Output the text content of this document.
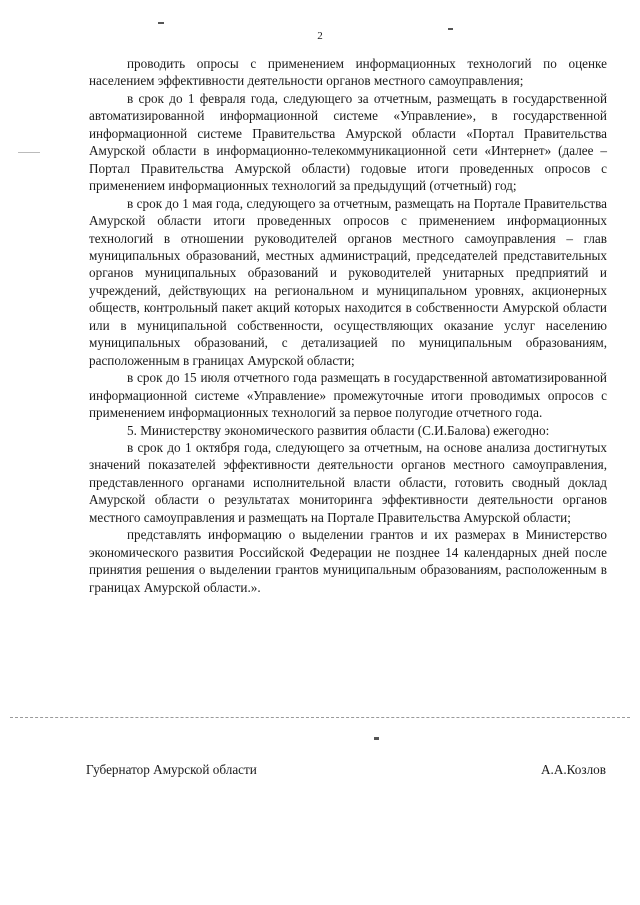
2

проводить опросы с применением информационных технологий по оценке населением эффективности деятельности органов местного самоуправления;

в срок до 1 февраля года, следующего за отчетным, размещать в государственной автоматизированной информационной системе «Управление», в государственной информационной системе Правительства Амурской области «Портал Правительства Амурской области в информационно-телекоммуникационной сети «Интернет» (далее – Портал Правительства Амурской области) годовые итоги проведенных опросов с применением информационных технологий за предыдущий (отчетный) год;

в срок до 1 мая года, следующего за отчетным, размещать на Портале Правительства Амурской области итоги проведенных опросов с применением информационных технологий в отношении руководителей органов местного самоуправления – глав муниципальных образований, местных администраций, председателей представительных органов муниципальных образований и руководителей унитарных предприятий и учреждений, действующих на региональном и муниципальном уровнях, акционерных обществ, контрольный пакет акций которых находится в собственности Амурской области или в муниципальной собственности, осуществляющих оказание услуг населению муниципальных образований, с детализацией по муниципальным образованиям, расположенным в границах Амурской области;

в срок до 15 июля отчетного года размещать в государственной автоматизированной информационной системе «Управление» промежуточные итоги проводимых опросов с применением информационных технологий за первое полугодие отчетного года.

5. Министерству экономического развития области (С.И.Балова) ежегодно:

в срок до 1 октября года, следующего за отчетным, на основе анализа достигнутых значений показателей эффективности деятельности органов местного самоуправления, представленного органами исполнительной власти области, готовить сводный доклад Амурской области о результатах мониторинга эффективности деятельности органов местного самоуправления и размещать на Портале Правительства Амурской области;

представлять информацию о выделении грантов и их размерах в Министерство экономического развития Российской Федерации не позднее 14 календарных дней после принятия решения о выделении грантов муниципальным образованиям, расположенным в границах Амурской области.».

Губернатор Амурской области	А.А.Козлов
